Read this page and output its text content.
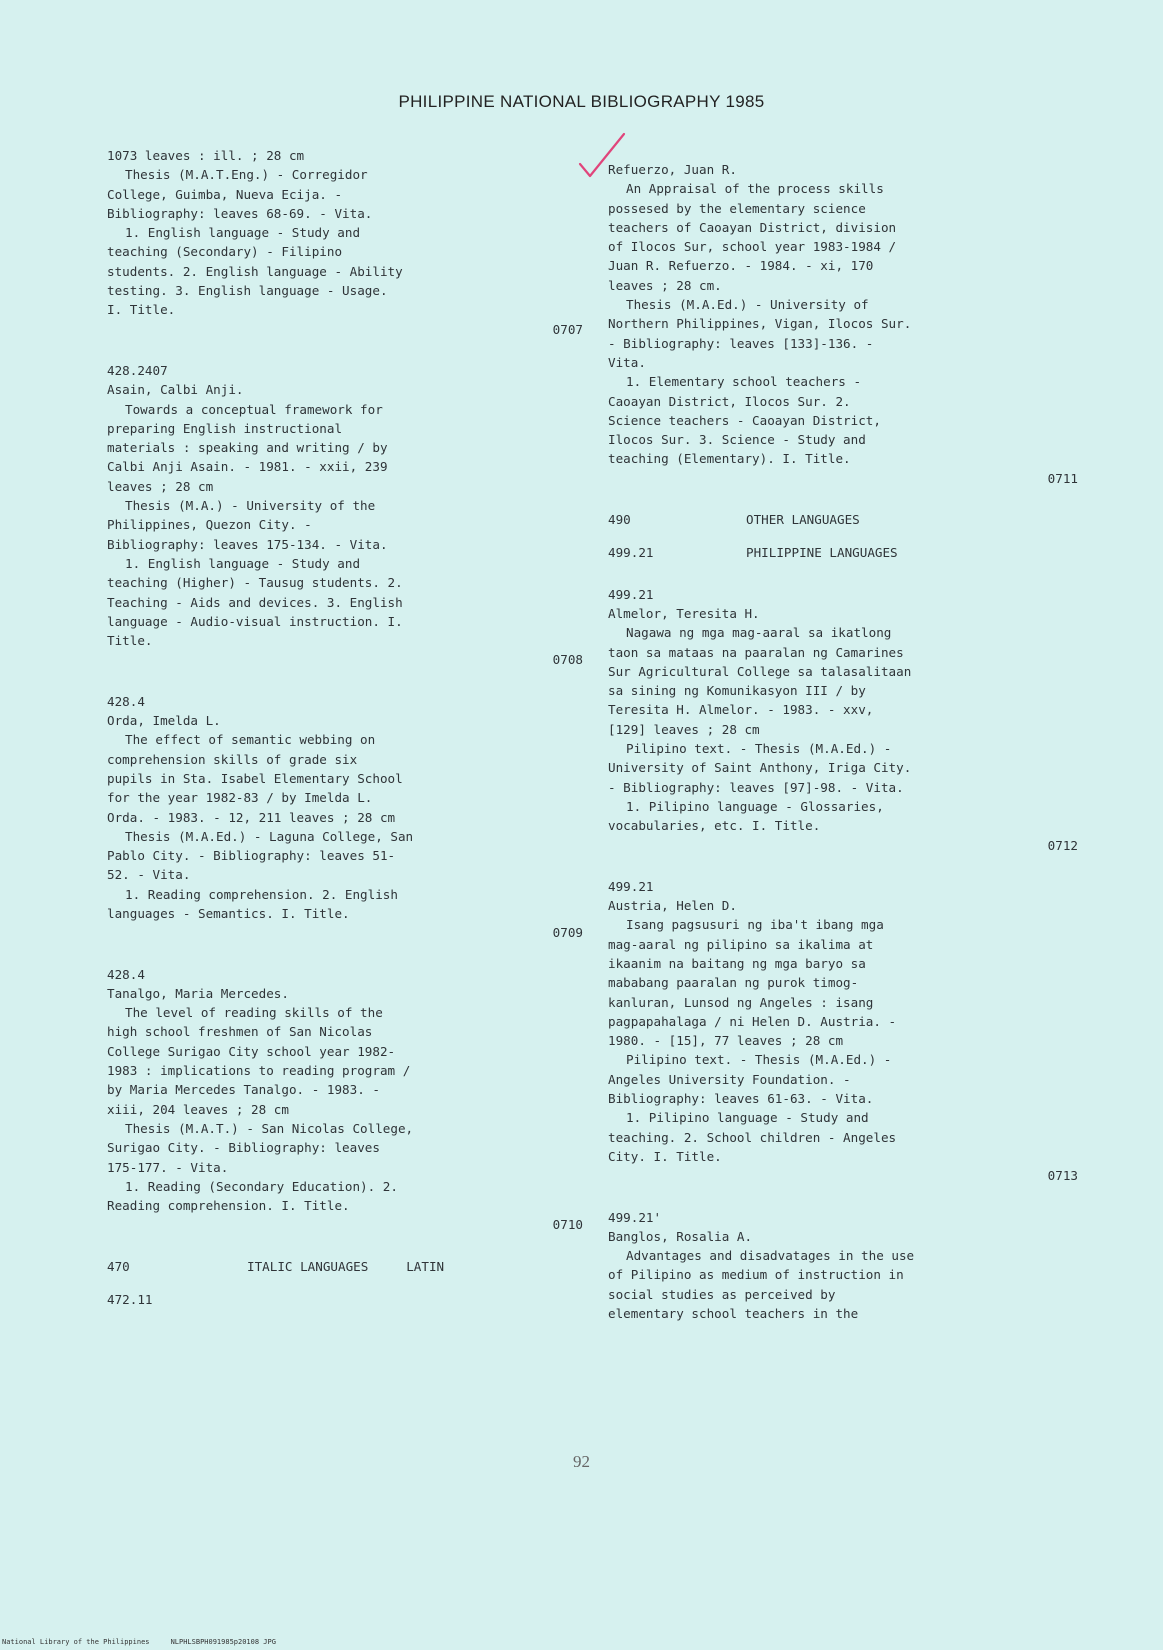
PHILIPPINE NATIONAL BIBLIOGRAPHY 1985
1073 leaves : ill. ; 28 cm
Thesis (M.A.T.Eng.) - Corregidor
College, Guimba, Nueva Ecija. -
Bibliography: leaves 68-69. - Vita.
1. English language - Study and
teaching (Secondary) - Filipino
students. 2. English language - Ability
testing. 3. English language - Usage.
I. Title.
0707
428.2407
Asain, Calbi Anji.
Towards a conceptual framework for
preparing English instructional
materials : speaking and writing / by
Calbi Anji Asain. - 1981. - xxii, 239
leaves ; 28 cm
Thesis (M.A.) - University of the
Philippines, Quezon City. -
Bibliography: leaves 175-134. - Vita.
1. English language - Study and
teaching (Higher) - Tausug students. 2.
Teaching - Aids and devices. 3. English
language - Audio-visual instruction. I.
Title.
0708
428.4
Orda, Imelda L.
The effect of semantic webbing on
comprehension skills of grade six
pupils in Sta. Isabel Elementary School
for the year 1982-83 / by Imelda L.
Orda. - 1983. - 12, 211 leaves ; 28 cm
Thesis (M.A.Ed.) - Laguna College, San
Pablo City. - Bibliography: leaves 51-
52. - Vita.
1. Reading comprehension. 2. English
languages - Semantics. I. Title.
0709
428.4
Tanalgo, Maria Mercedes.
The level of reading skills of the
high school freshmen of San Nicolas
College Surigao City school year 1982-
1983 : implications to reading program /
by Maria Mercedes Tanalgo. - 1983. -
xiii, 204 leaves ; 28 cm
Thesis (M.A.T.) - San Nicolas College,
Surigao City. - Bibliography: leaves
175-177. - Vita.
1. Reading (Secondary Education). 2.
Reading comprehension. I. Title.
0710
470	ITALIC LANGUAGES     LATIN
472.11
Refuerzo, Juan R.
An Appraisal of the process skills
possesed by the elementary science
teachers of Caoayan District, division
of Ilocos Sur, school year 1983-1984 /
Juan R. Refuerzo. - 1984. - xi, 170
leaves ; 28 cm.
Thesis (M.A.Ed.) - University of
Northern Philippines, Vigan, Ilocos Sur.
- Bibliography: leaves [133]-136. -
Vita.
1. Elementary school teachers -
Caoayan District, Ilocos Sur. 2.
Science teachers - Caoayan District,
Ilocos Sur. 3. Science - Study and
teaching (Elementary). I. Title.
0711
490	OTHER LANGUAGES
499.21	PHILIPPINE LANGUAGES
499.21
Almelor, Teresita H.
Nagawa ng mga mag-aaral sa ikatlong
taon sa mataas na paaralan ng Camarines
Sur Agricultural College sa talasalitaan
sa sining ng Komunikasyon III / by
Teresita H. Almelor. - 1983. - xxv,
[129] leaves ; 28 cm
Pilipino text. - Thesis (M.A.Ed.) -
University of Saint Anthony, Iriga City.
- Bibliography: leaves [97]-98. - Vita.
1. Pilipino language - Glossaries,
vocabularies, etc. I. Title.
0712
499.21
Austria, Helen D.
Isang pagsusuri ng iba't ibang mga
mag-aaral ng pilipino sa ikalima at
ikaanim na baitang ng mga baryo sa
mababang paaralan ng purok timog-
kanluran, Lunsod ng Angeles : isang
pagpapahalaga / ni Helen D. Austria. -
1980. - [15], 77 leaves ; 28 cm
Pilipino text. - Thesis (M.A.Ed.) -
Angeles University Foundation. -
Bibliography: leaves 61-63. - Vita.
1. Pilipino language - Study and
teaching. 2. School children - Angeles
City. I. Title.
0713
499.21'
Banglos, Rosalia A.
Advantages and disadvatages in the use
of Pilipino as medium of instruction in
social studies as perceived by
elementary school teachers in the
92
National Library of the Philippines     NLPHLSBPH091985p20108 JPG
